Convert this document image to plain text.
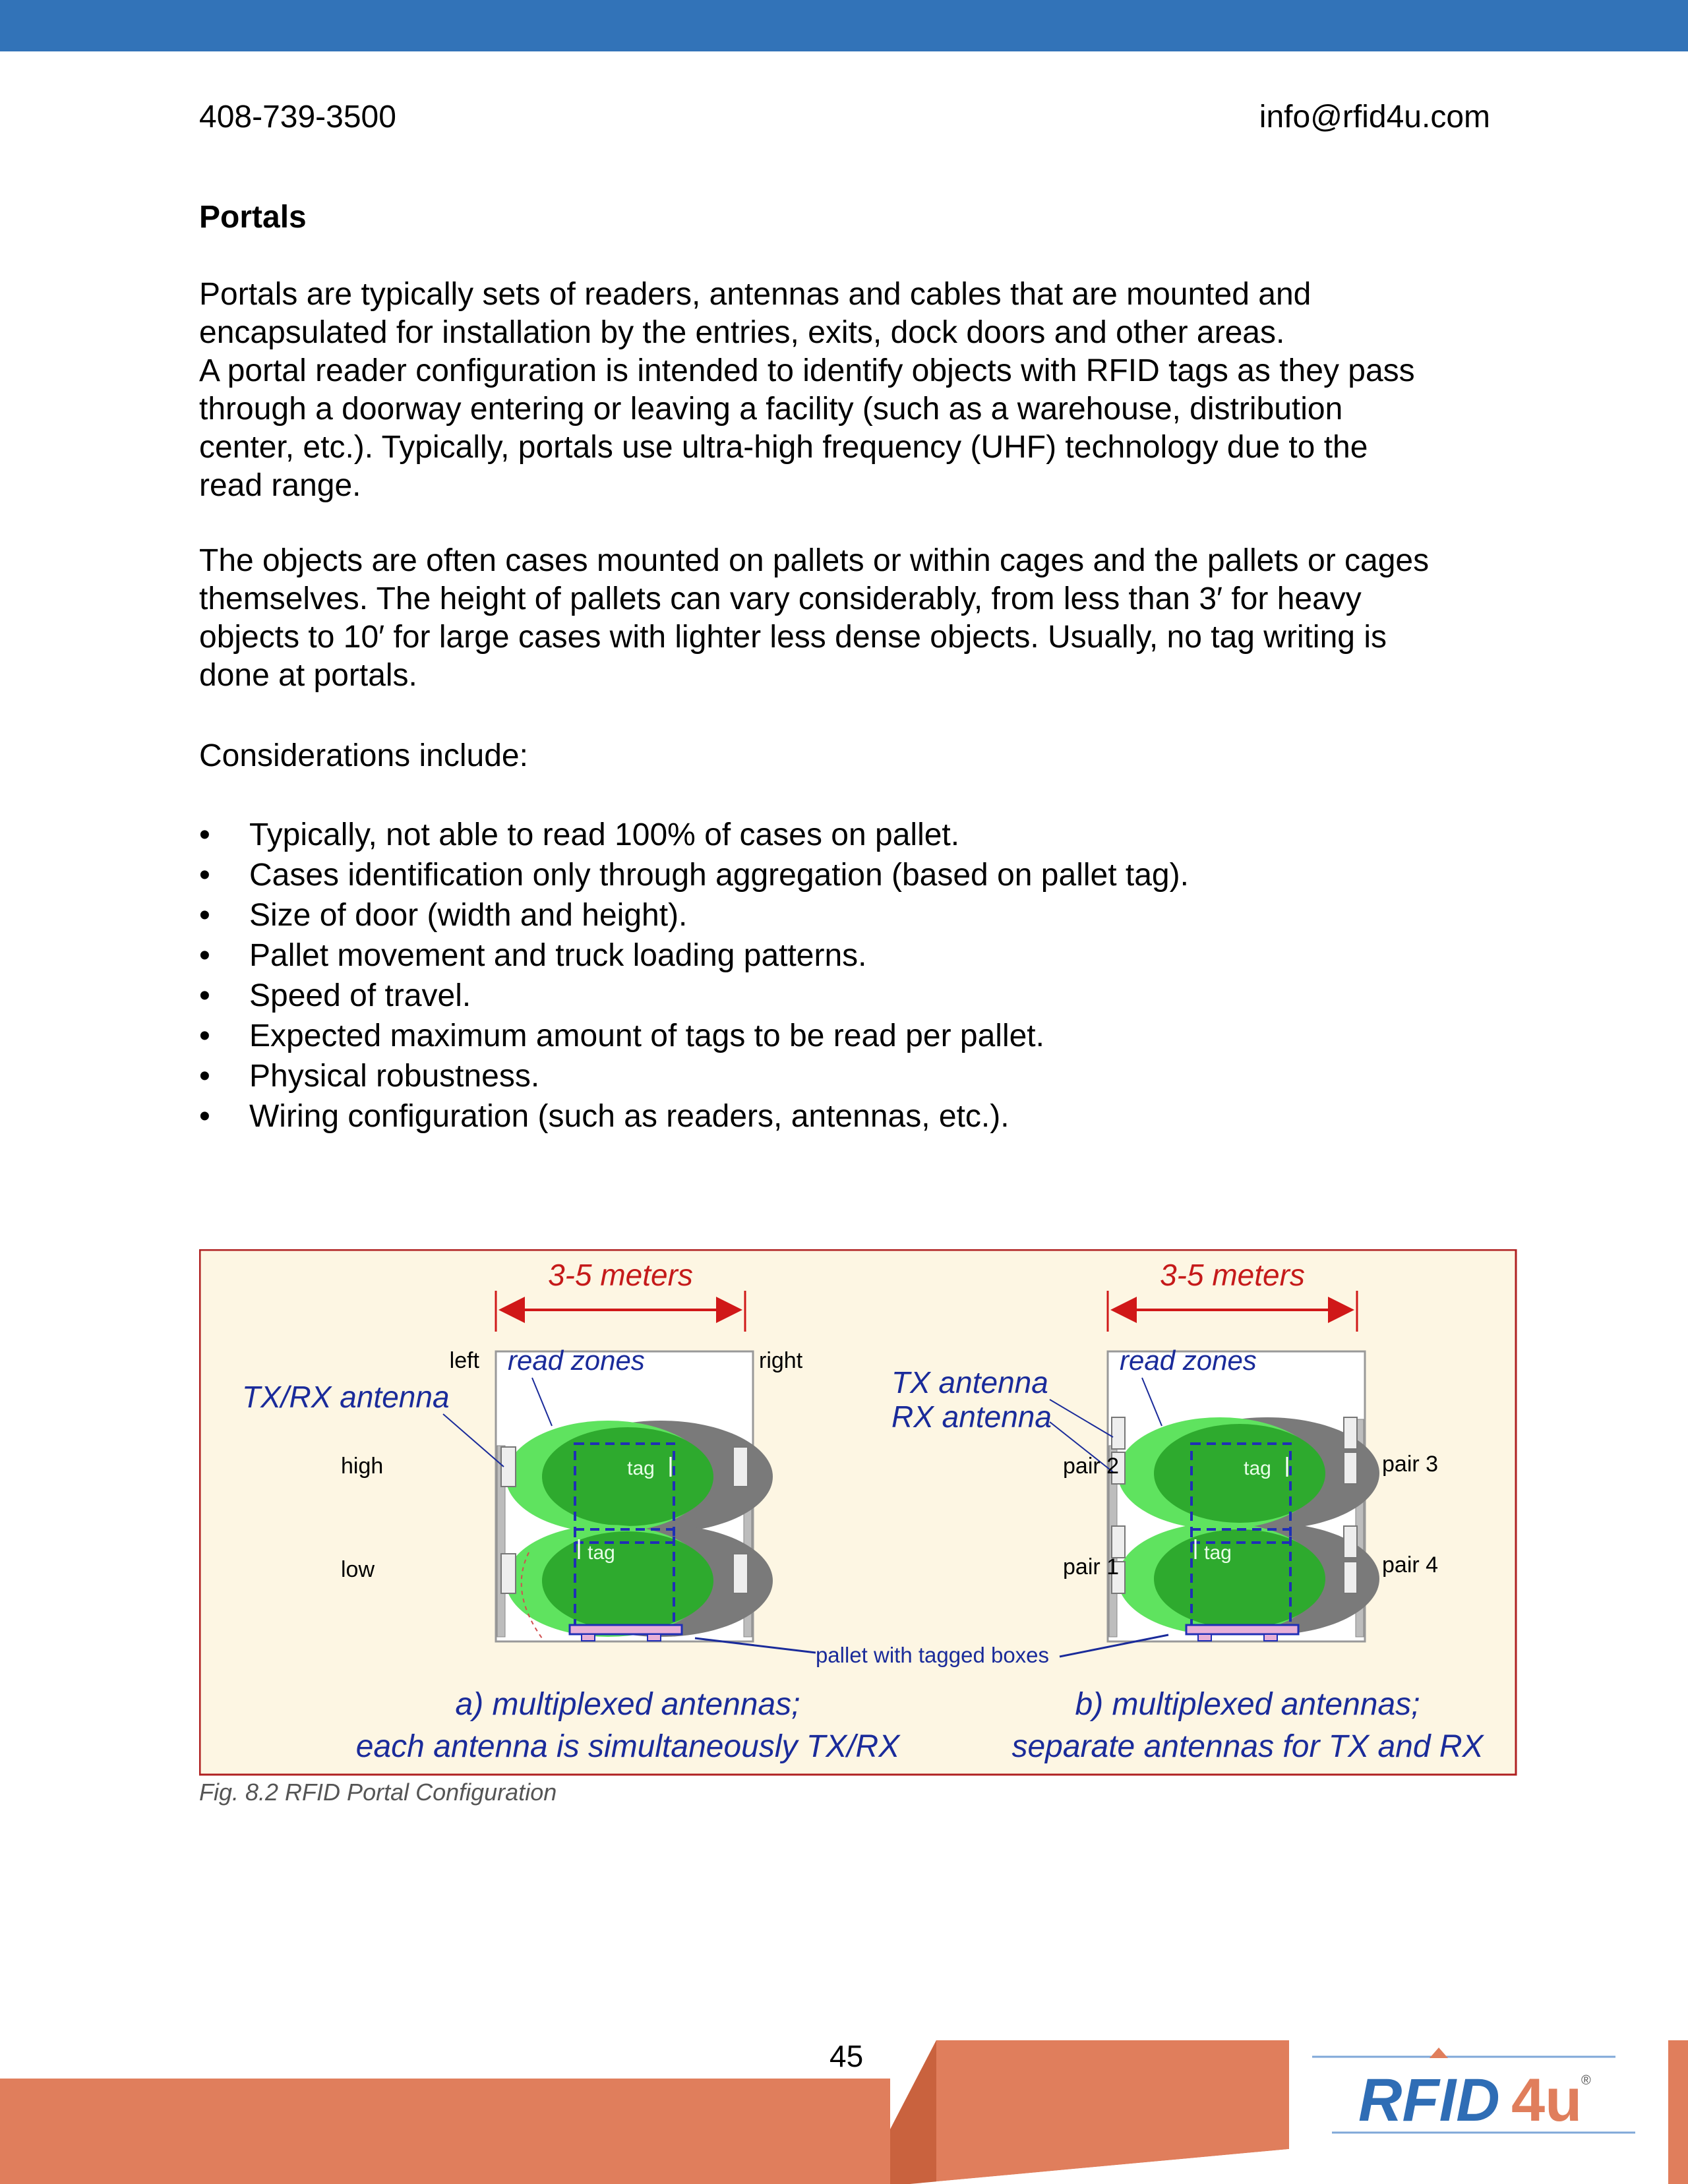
408-739-3500	info@rfid4u.com
Portals

Portals are typically sets of readers, antennas and cables that are mounted and
encapsulated for installation by the entries, exits, dock doors and other areas.
A portal reader configuration is intended to identify objects with RFID tags as they pass
through a doorway entering or leaving a facility (such as a warehouse, distribution
center, etc.). Typically, portals use ultra-high frequency (UHF) technology due to the
read range.

The objects are often cases mounted on pallets or within cages and the pallets or cages
themselves. The height of pallets can vary considerably, from less than 3′ for heavy
objects to 10′ for large cases with lighter less dense objects. Usually, no tag writing is
done at portals.

Considerations include:

• Typically, not able to read 100% of cases on pallet.
• Cases identification only through aggregation (based on pallet tag).
• Size of door (width and height).
• Pallet movement and truck loading patterns.
• Speed of travel.
• Expected maximum amount of tags to be read per pallet.
• Physical robustness.
• Wiring configuration (such as readers, antennas, etc.).
3-5 meters
tag
tag
left	right
read zones
TX/RX antenna
high
low
a) multiplexed antennas;
each antenna is simultaneously TX/RX
3-5 meters
tag
tag
read zones
TX antenna
RX antenna
pair 2
pair 1
pair 3
pair 4
b) multiplexed antennas;
separate antennas for TX and RX
pallet with tagged boxes
Fig. 8.2 RFID Portal Configuration
RFID 4u
®
45
